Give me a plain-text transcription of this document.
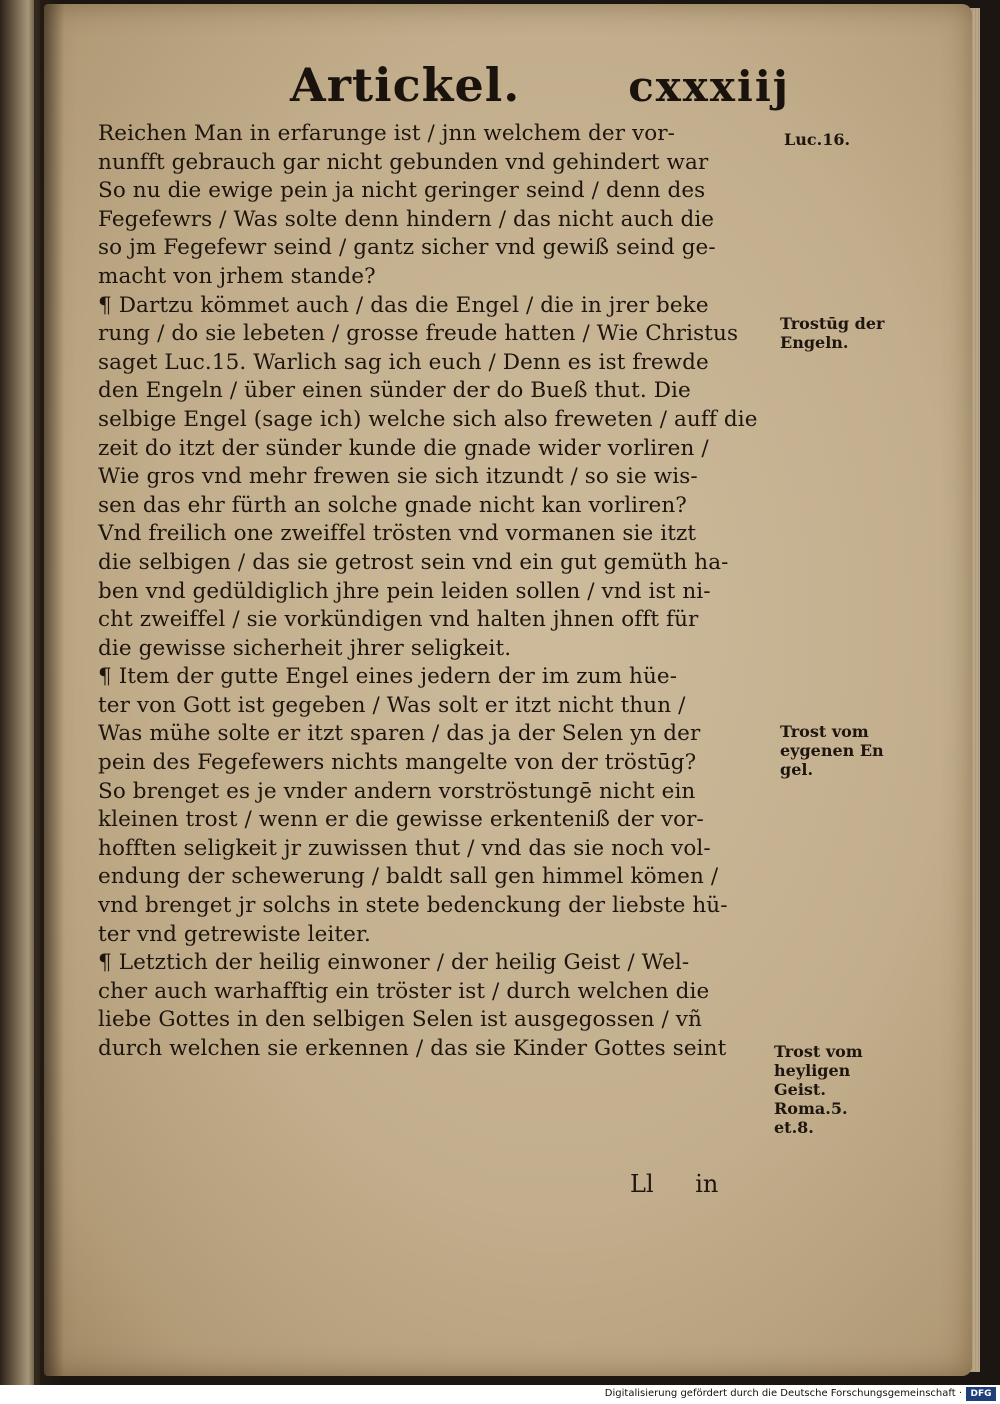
Artickel.	cxxxiij
Reichen Man in erfarunge ist / jnn welchem der vor-
nunfft gebrauch gar nicht gebunden vnd gehindert war
So nu die ewige pein ja nicht geringer seind / denn des
Fegefewrs / Was solte denn hindern / das nicht auch die
so jm Fegefewr seind / gantz sicher vnd gewiß seind ge-
macht von jrhem stande?
¶ Dartzu kömmet auch / das die Engel / die in jrer beke
rung / do sie lebeten / grosse freude hatten / Wie Christus
saget Luc.15. Warlich sag ich euch / Denn es ist frewde
den Engeln / über einen sünder der do Bueß thut. Die
selbige Engel (sage ich) welche sich also freweten / auff die
zeit do itzt der sünder kunde die gnade wider vorliren /
Wie gros vnd mehr frewen sie sich itzundt / so sie wis-
sen das ehr fürth an solche gnade nicht kan vorliren?
Vnd freilich one zweiffel trösten vnd vormanen sie itzt
die selbigen / das sie getrost sein vnd ein gut gemüth ha-
ben vnd gedüldiglich jhre pein leiden sollen / vnd ist ni-
cht zweiffel / sie vorkündigen vnd halten jhnen offt für
die gewisse sicherheit jhrer seligkeit.
¶ Item der gutte Engel eines jedern der im zum hüe-
ter von Gott ist gegeben / Was solt er itzt nicht thun /
Was mühe solte er itzt sparen / das ja der Selen yn der
pein des Fegefewers nichts mangelte von der tröstūg?
So brenget es je vnder andern vorströstungē nicht ein
kleinen trost / wenn er die gewisse erkenteniß der vor-
hofften seligkeit jr zuwissen thut / vnd das sie noch vol-
endung der schewerung / baldt sall gen himmel kömen /
vnd brenget jr solchs in stete bedenckung der liebste hü-
ter vnd getrewiste leiter.
¶ Letztich der heilig einwoner / der heilig Geist / Wel-
cher auch warhafftig ein tröster ist / durch welchen die
liebe Gottes in den selbigen Selen ist ausgegossen / vñ
durch welchen sie erkennen / das sie Kinder Gottes seint
Ll in
Luc.16.
Trostūg der
Engeln.
Trost vom
eygenen En
gel.
Trost vom
heyligen
Geist.
Roma.5.
et.8.
Digitalisierung gefördert durch die Deutsche Forschungsgemeinschaft · DFG
